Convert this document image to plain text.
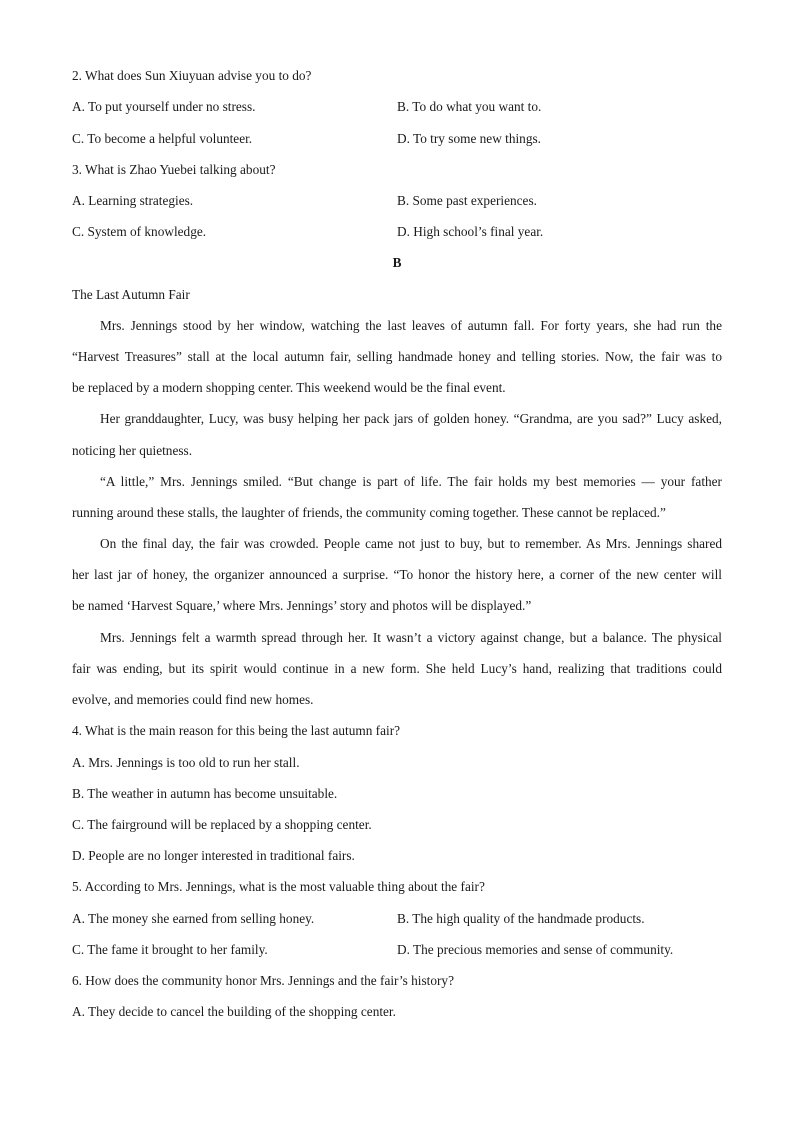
2. What does Sun Xiuyuan advise you to do?
A. To put yourself under no stress.	B. To do what you want to.
C. To become a helpful volunteer.	D. To try some new things.
3. What is Zhao Yuebei talking about?
A. Learning strategies.	B. Some past experiences.
C. System of knowledge.	D. High school’s final year.
B
The Last Autumn Fair
Mrs. Jennings stood by her window, watching the last leaves of autumn fall. For forty years, she had run the
“Harvest Treasures” stall at the local autumn fair, selling handmade honey and telling stories. Now, the fair was to
be replaced by a modern shopping center. This weekend would be the final event.
Her granddaughter, Lucy, was busy helping her pack jars of golden honey. “Grandma, are you sad?” Lucy asked,
noticing her quietness.
“A little,” Mrs. Jennings smiled. “But change is part of life. The fair holds my best memories — your father
running around these stalls, the laughter of friends, the community coming together. These cannot be replaced.”
On the final day, the fair was crowded. People came not just to buy, but to remember. As Mrs. Jennings shared
her last jar of honey, the organizer announced a surprise. “To honor the history here, a corner of the new center will
be named ‘Harvest Square,’ where Mrs. Jennings’ story and photos will be displayed.”
Mrs. Jennings felt a warmth spread through her. It wasn’t a victory against change, but a balance. The physical
fair was ending, but its spirit would continue in a new form. She held Lucy’s hand, realizing that traditions could
evolve, and memories could find new homes.
4. What is the main reason for this being the last autumn fair?
A. Mrs. Jennings is too old to run her stall.
B. The weather in autumn has become unsuitable.
C. The fairground will be replaced by a shopping center.
D. People are no longer interested in traditional fairs.
5. According to Mrs. Jennings, what is the most valuable thing about the fair?
A. The money she earned from selling honey.	B. The high quality of the handmade products.
C. The fame it brought to her family.	D. The precious memories and sense of community.
6. How does the community honor Mrs. Jennings and the fair’s history?
A. They decide to cancel the building of the shopping center.
